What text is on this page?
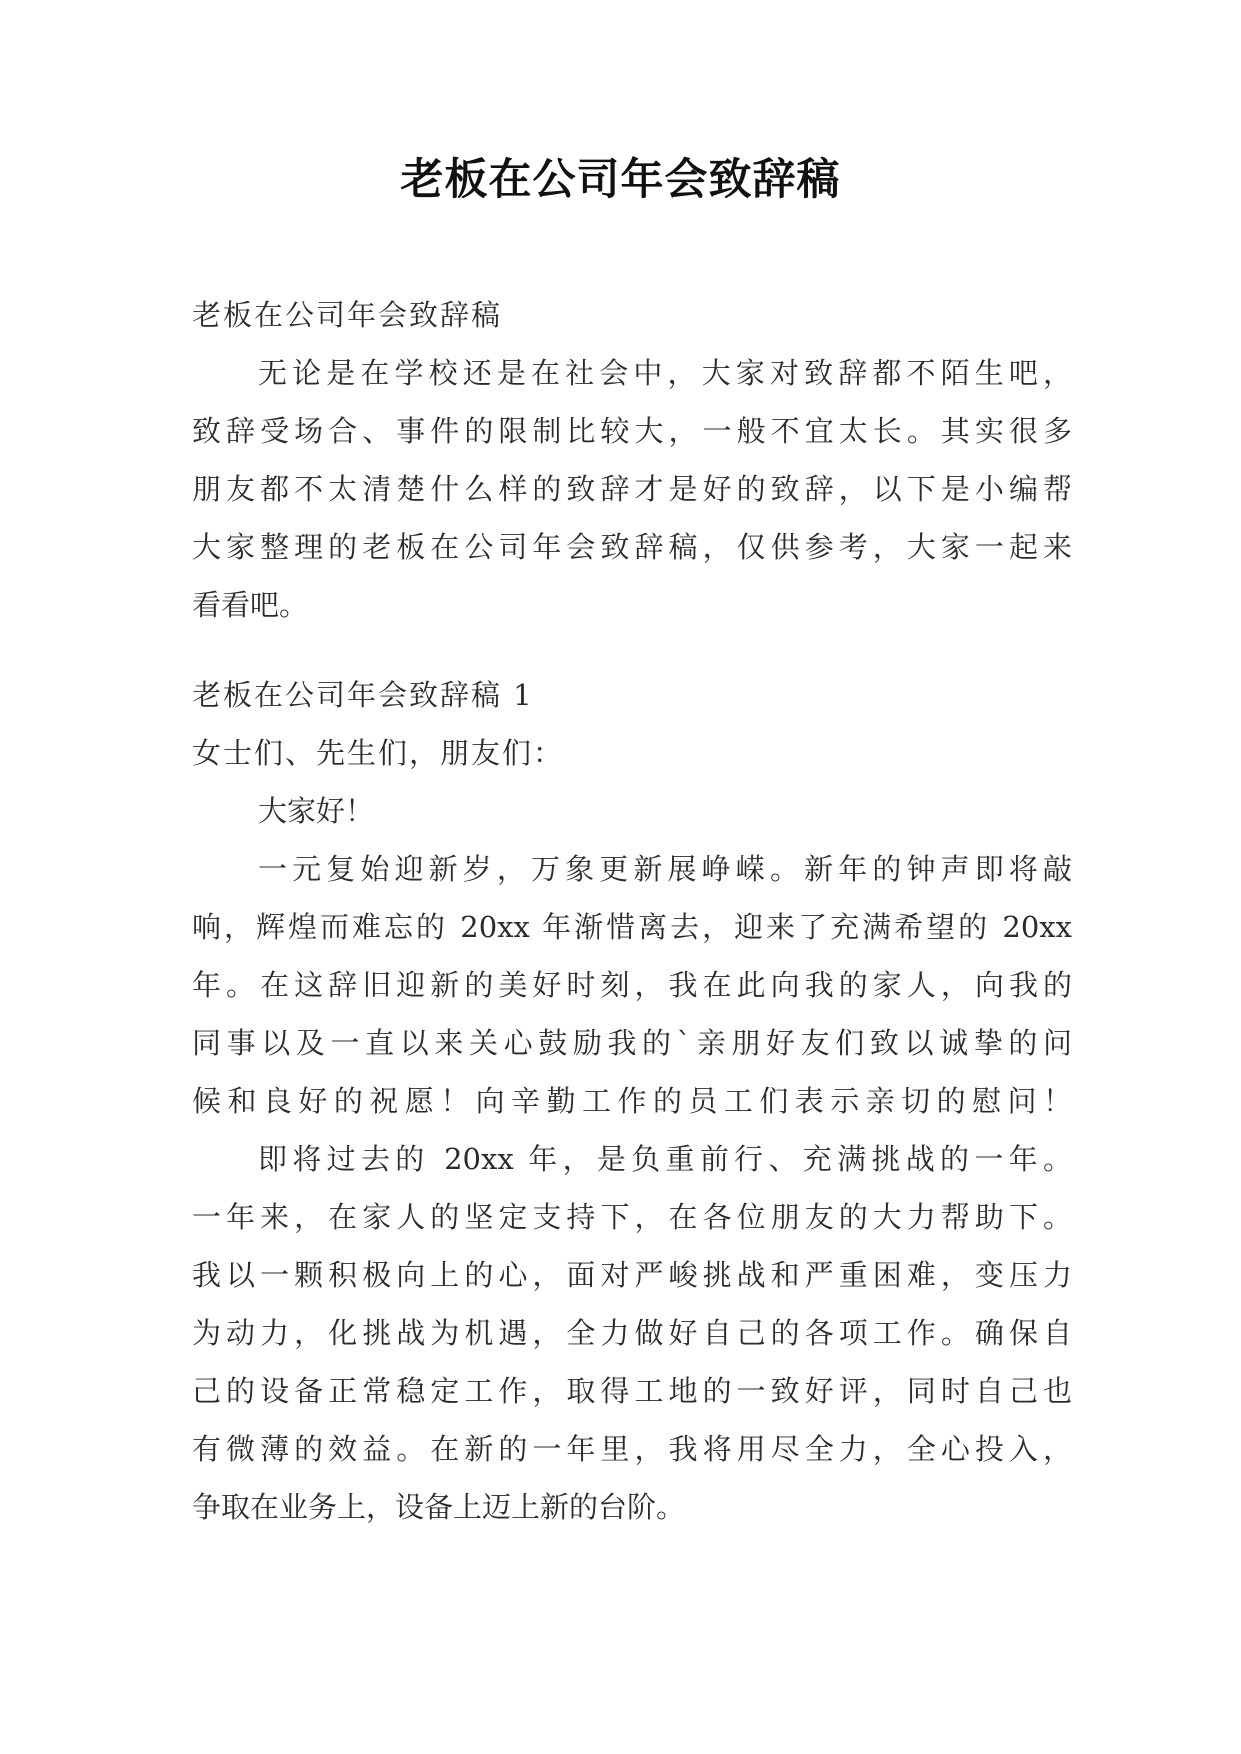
老板在公司年会致辞稿
老板在公司年会致辞稿
无论是在学校还是在社会中，大家对致辞都不陌生吧，
致辞受场合、事件的限制比较大，一般不宜太长。其实很多
朋友都不太清楚什么样的致辞才是好的致辞，以下是小编帮
大家整理的老板在公司年会致辞稿，仅供参考，大家一起来
看看吧。
老板在公司年会致辞稿 1
女士们、先生们，朋友们：
大家好！
一元复始迎新岁，万象更新展峥嵘。新年的钟声即将敲
响，辉煌而难忘的 20xx 年渐惜离去，迎来了充满希望的 20xx
年。在这辞旧迎新的美好时刻，我在此向我的家人，向我的
同事以及一直以来关心鼓励我的`亲朋好友们致以诚挚的问
候和良好的祝愿！向辛勤工作的员工们表示亲切的慰问！
即将过去的 20xx 年，是负重前行、充满挑战的一年。
一年来，在家人的坚定支持下，在各位朋友的大力帮助下。
我以一颗积极向上的心，面对严峻挑战和严重困难，变压力
为动力，化挑战为机遇，全力做好自己的各项工作。确保自
己的设备正常稳定工作，取得工地的一致好评，同时自己也
有微薄的效益。在新的一年里，我将用尽全力，全心投入，
争取在业务上，设备上迈上新的台阶。
